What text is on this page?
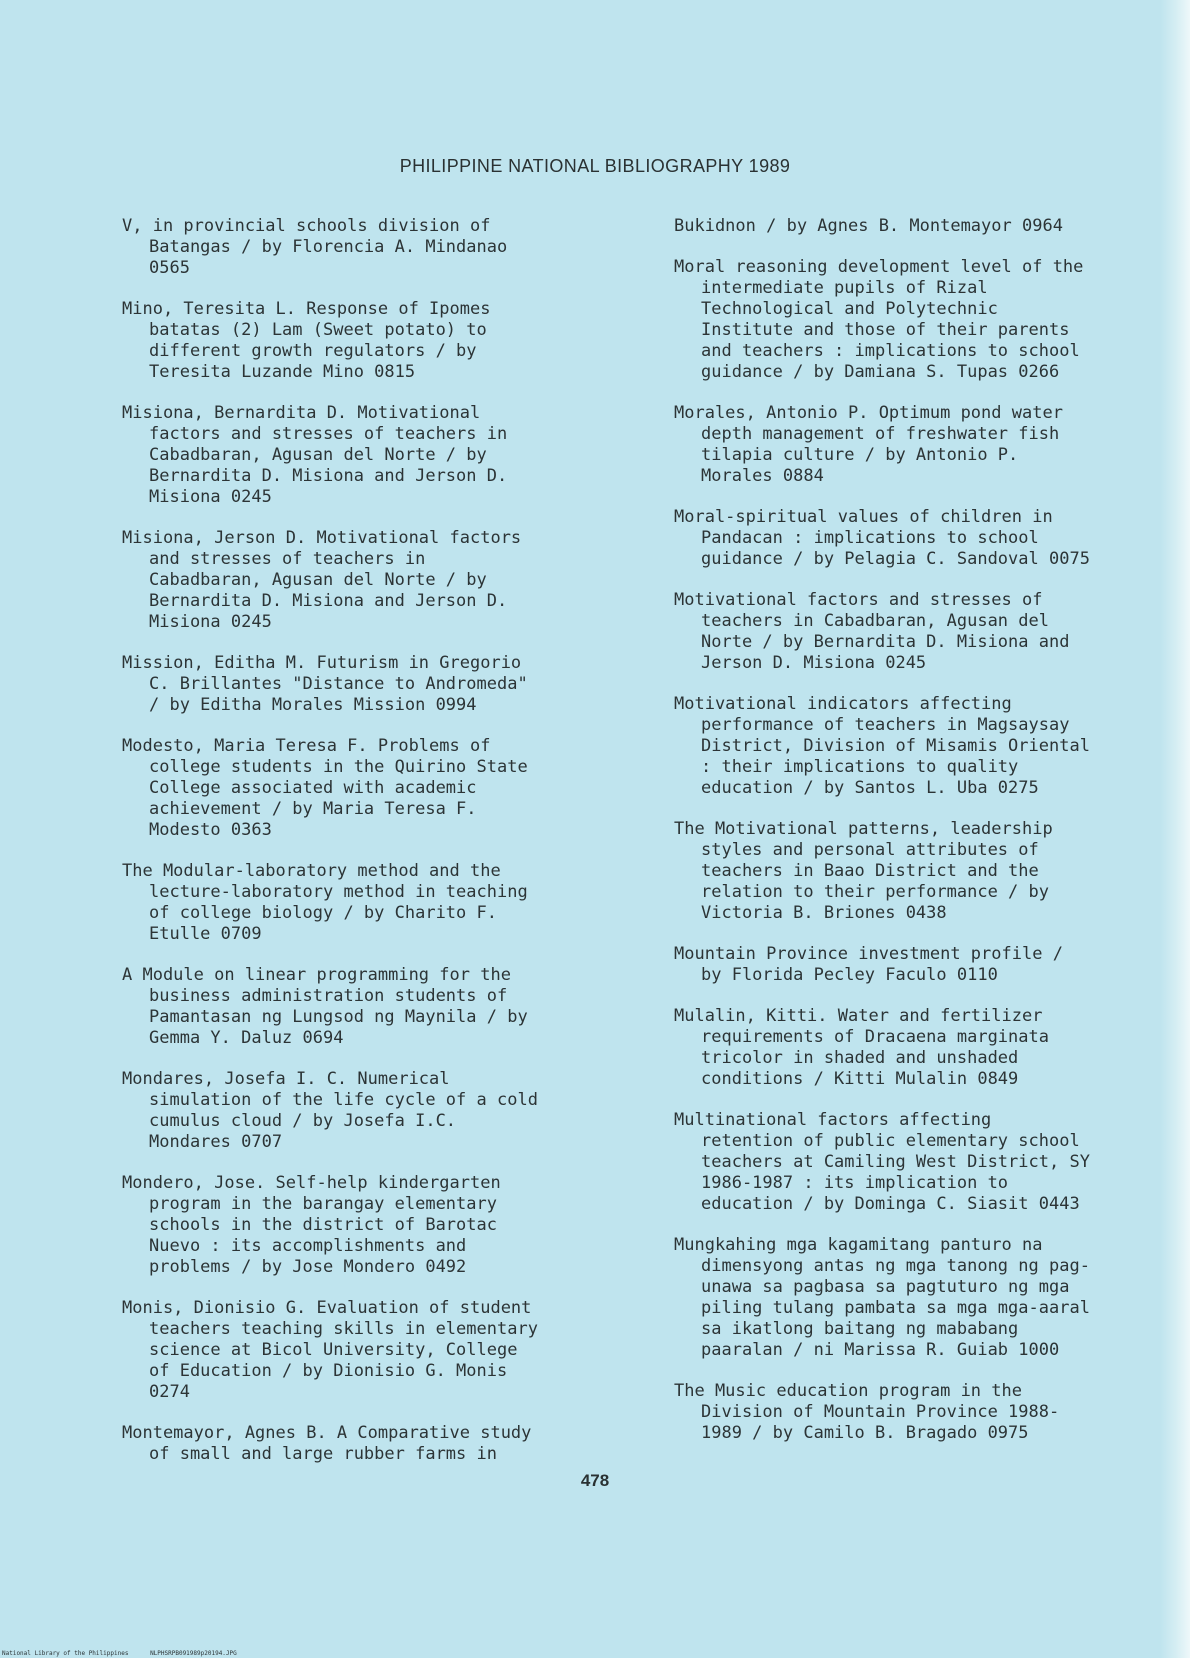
PHILIPPINE NATIONAL BIBLIOGRAPHY 1989
V, in provincial schools division of
Batangas / by Florencia A. Mindanao
0565
Mino, Teresita L. Response of Ipomes
batatas (2) Lam (Sweet potato) to
different growth regulators / by
Teresita Luzande Mino 0815
Misiona, Bernardita D. Motivational
factors and stresses of teachers in
Cabadbaran, Agusan del Norte / by
Bernardita D. Misiona and Jerson D.
Misiona 0245
Misiona, Jerson D. Motivational factors
and stresses of teachers in
Cabadbaran, Agusan del Norte / by
Bernardita D. Misiona and Jerson D.
Misiona 0245
Mission, Editha M. Futurism in Gregorio
C. Brillantes "Distance to Andromeda"
/ by Editha Morales Mission 0994
Modesto, Maria Teresa F. Problems of
college students in the Quirino State
College associated with academic
achievement / by Maria Teresa F.
Modesto 0363
The Modular-laboratory method and the
lecture-laboratory method in teaching
of college biology / by Charito F.
Etulle 0709
A Module on linear programming for the
business administration students of
Pamantasan ng Lungsod ng Maynila / by
Gemma Y. Daluz 0694
Mondares, Josefa I. C. Numerical
simulation of the life cycle of a cold
cumulus cloud / by Josefa I.C.
Mondares 0707
Mondero, Jose. Self-help kindergarten
program in the barangay elementary
schools in the district of Barotac
Nuevo : its accomplishments and
problems / by Jose Mondero 0492
Monis, Dionisio G. Evaluation of student
teachers teaching skills in elementary
science at Bicol University, College
of Education / by Dionisio G. Monis
0274
Montemayor, Agnes B. A Comparative study
of small and large rubber farms in
Bukidnon / by Agnes B. Montemayor 0964
Moral reasoning development level of the
intermediate pupils of Rizal
Technological and Polytechnic
Institute and those of their parents
and teachers : implications to school
guidance / by Damiana S. Tupas 0266
Morales, Antonio P. Optimum pond water
depth management of freshwater fish
tilapia culture / by Antonio P.
Morales 0884
Moral-spiritual values of children in
Pandacan : implications to school
guidance / by Pelagia C. Sandoval 0075
Motivational factors and stresses of
teachers in Cabadbaran, Agusan del
Norte / by Bernardita D. Misiona and
Jerson D. Misiona 0245
Motivational indicators affecting
performance of teachers in Magsaysay
District, Division of Misamis Oriental
: their implications to quality
education / by Santos L. Uba 0275
The Motivational patterns, leadership
styles and personal attributes of
teachers in Baao District and the
relation to their performance / by
Victoria B. Briones 0438
Mountain Province investment profile /
by Florida Pecley Faculo 0110
Mulalin, Kitti. Water and fertilizer
requirements of Dracaena marginata
tricolor in shaded and unshaded
conditions / Kitti Mulalin 0849
Multinational factors affecting
retention of public elementary school
teachers at Camiling West District, SY
1986-1987 : its implication to
education / by Dominga C. Siasit 0443
Mungkahing mga kagamitang panturo na
dimensyong antas ng mga tanong ng pag-
unawa sa pagbasa sa pagtuturo ng mga
piling tulang pambata sa mga mga-aaral
sa ikatlong baitang ng mababang
paaralan / ni Marissa R. Guiab 1000
The Music education program in the
Division of Mountain Province 1988-
1989 / by Camilo B. Bragado 0975
478
National Library of the Philippines	NLPHSRPB091989p20194.JPG
